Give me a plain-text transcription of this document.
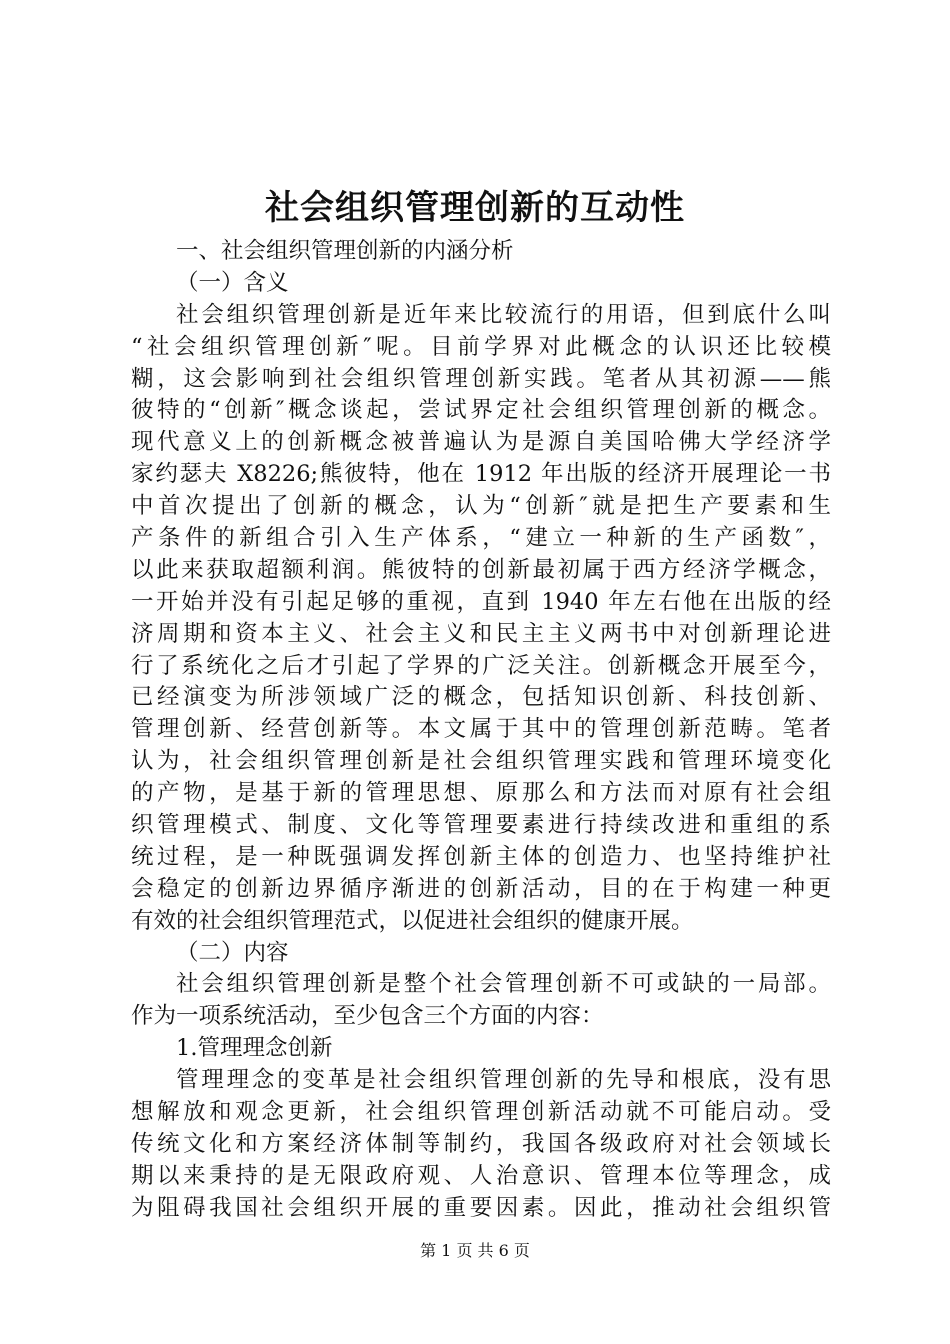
社会组织管理创新的互动性
一、社会组织管理创新的内涵分析
（一）含义
社会组织管理创新是近年来比较流行的用语，但到底什么叫
“社会组织管理创新″呢。目前学界对此概念的认识还比较模
糊，这会影响到社会组织管理创新实践。笔者从其初源——熊
彼特的“创新″概念谈起，尝试界定社会组织管理创新的概念。
现代意义上的创新概念被普遍认为是源自美国哈佛大学经济学
家约瑟夫 X8226;熊彼特，他在 1912 年出版的经济开展理论一书
中首次提出了创新的概念，认为“创新″就是把生产要素和生
产条件的新组合引入生产体系，“建立一种新的生产函数″，
以此来获取超额利润。熊彼特的创新最初属于西方经济学概念，
一开始并没有引起足够的重视，直到 1940 年左右他在出版的经
济周期和资本主义、社会主义和民主主义两书中对创新理论进
行了系统化之后才引起了学界的广泛关注。创新概念开展至今，
已经演变为所涉领域广泛的概念，包括知识创新、科技创新、
管理创新、经营创新等。本文属于其中的管理创新范畴。笔者
认为，社会组织管理创新是社会组织管理实践和管理环境变化
的产物，是基于新的管理思想、原那么和方法而对原有社会组
织管理模式、制度、文化等管理要素进行持续改进和重组的系
统过程，是一种既强调发挥创新主体的创造力、也坚持维护社
会稳定的创新边界循序渐进的创新活动，目的在于构建一种更
有效的社会组织管理范式，以促进社会组织的健康开展。
（二）内容
社会组织管理创新是整个社会管理创新不可或缺的一局部。
作为一项系统活动，至少包含三个方面的内容：
1.管理理念创新
管理理念的变革是社会组织管理创新的先导和根底，没有思
想解放和观念更新，社会组织管理创新活动就不可能启动。受
传统文化和方案经济体制等制约，我国各级政府对社会领域长
期以来秉持的是无限政府观、人治意识、管理本位等理念，成
为阻碍我国社会组织开展的重要因素。因此，推动社会组织管
第 1 页 共 6 页
